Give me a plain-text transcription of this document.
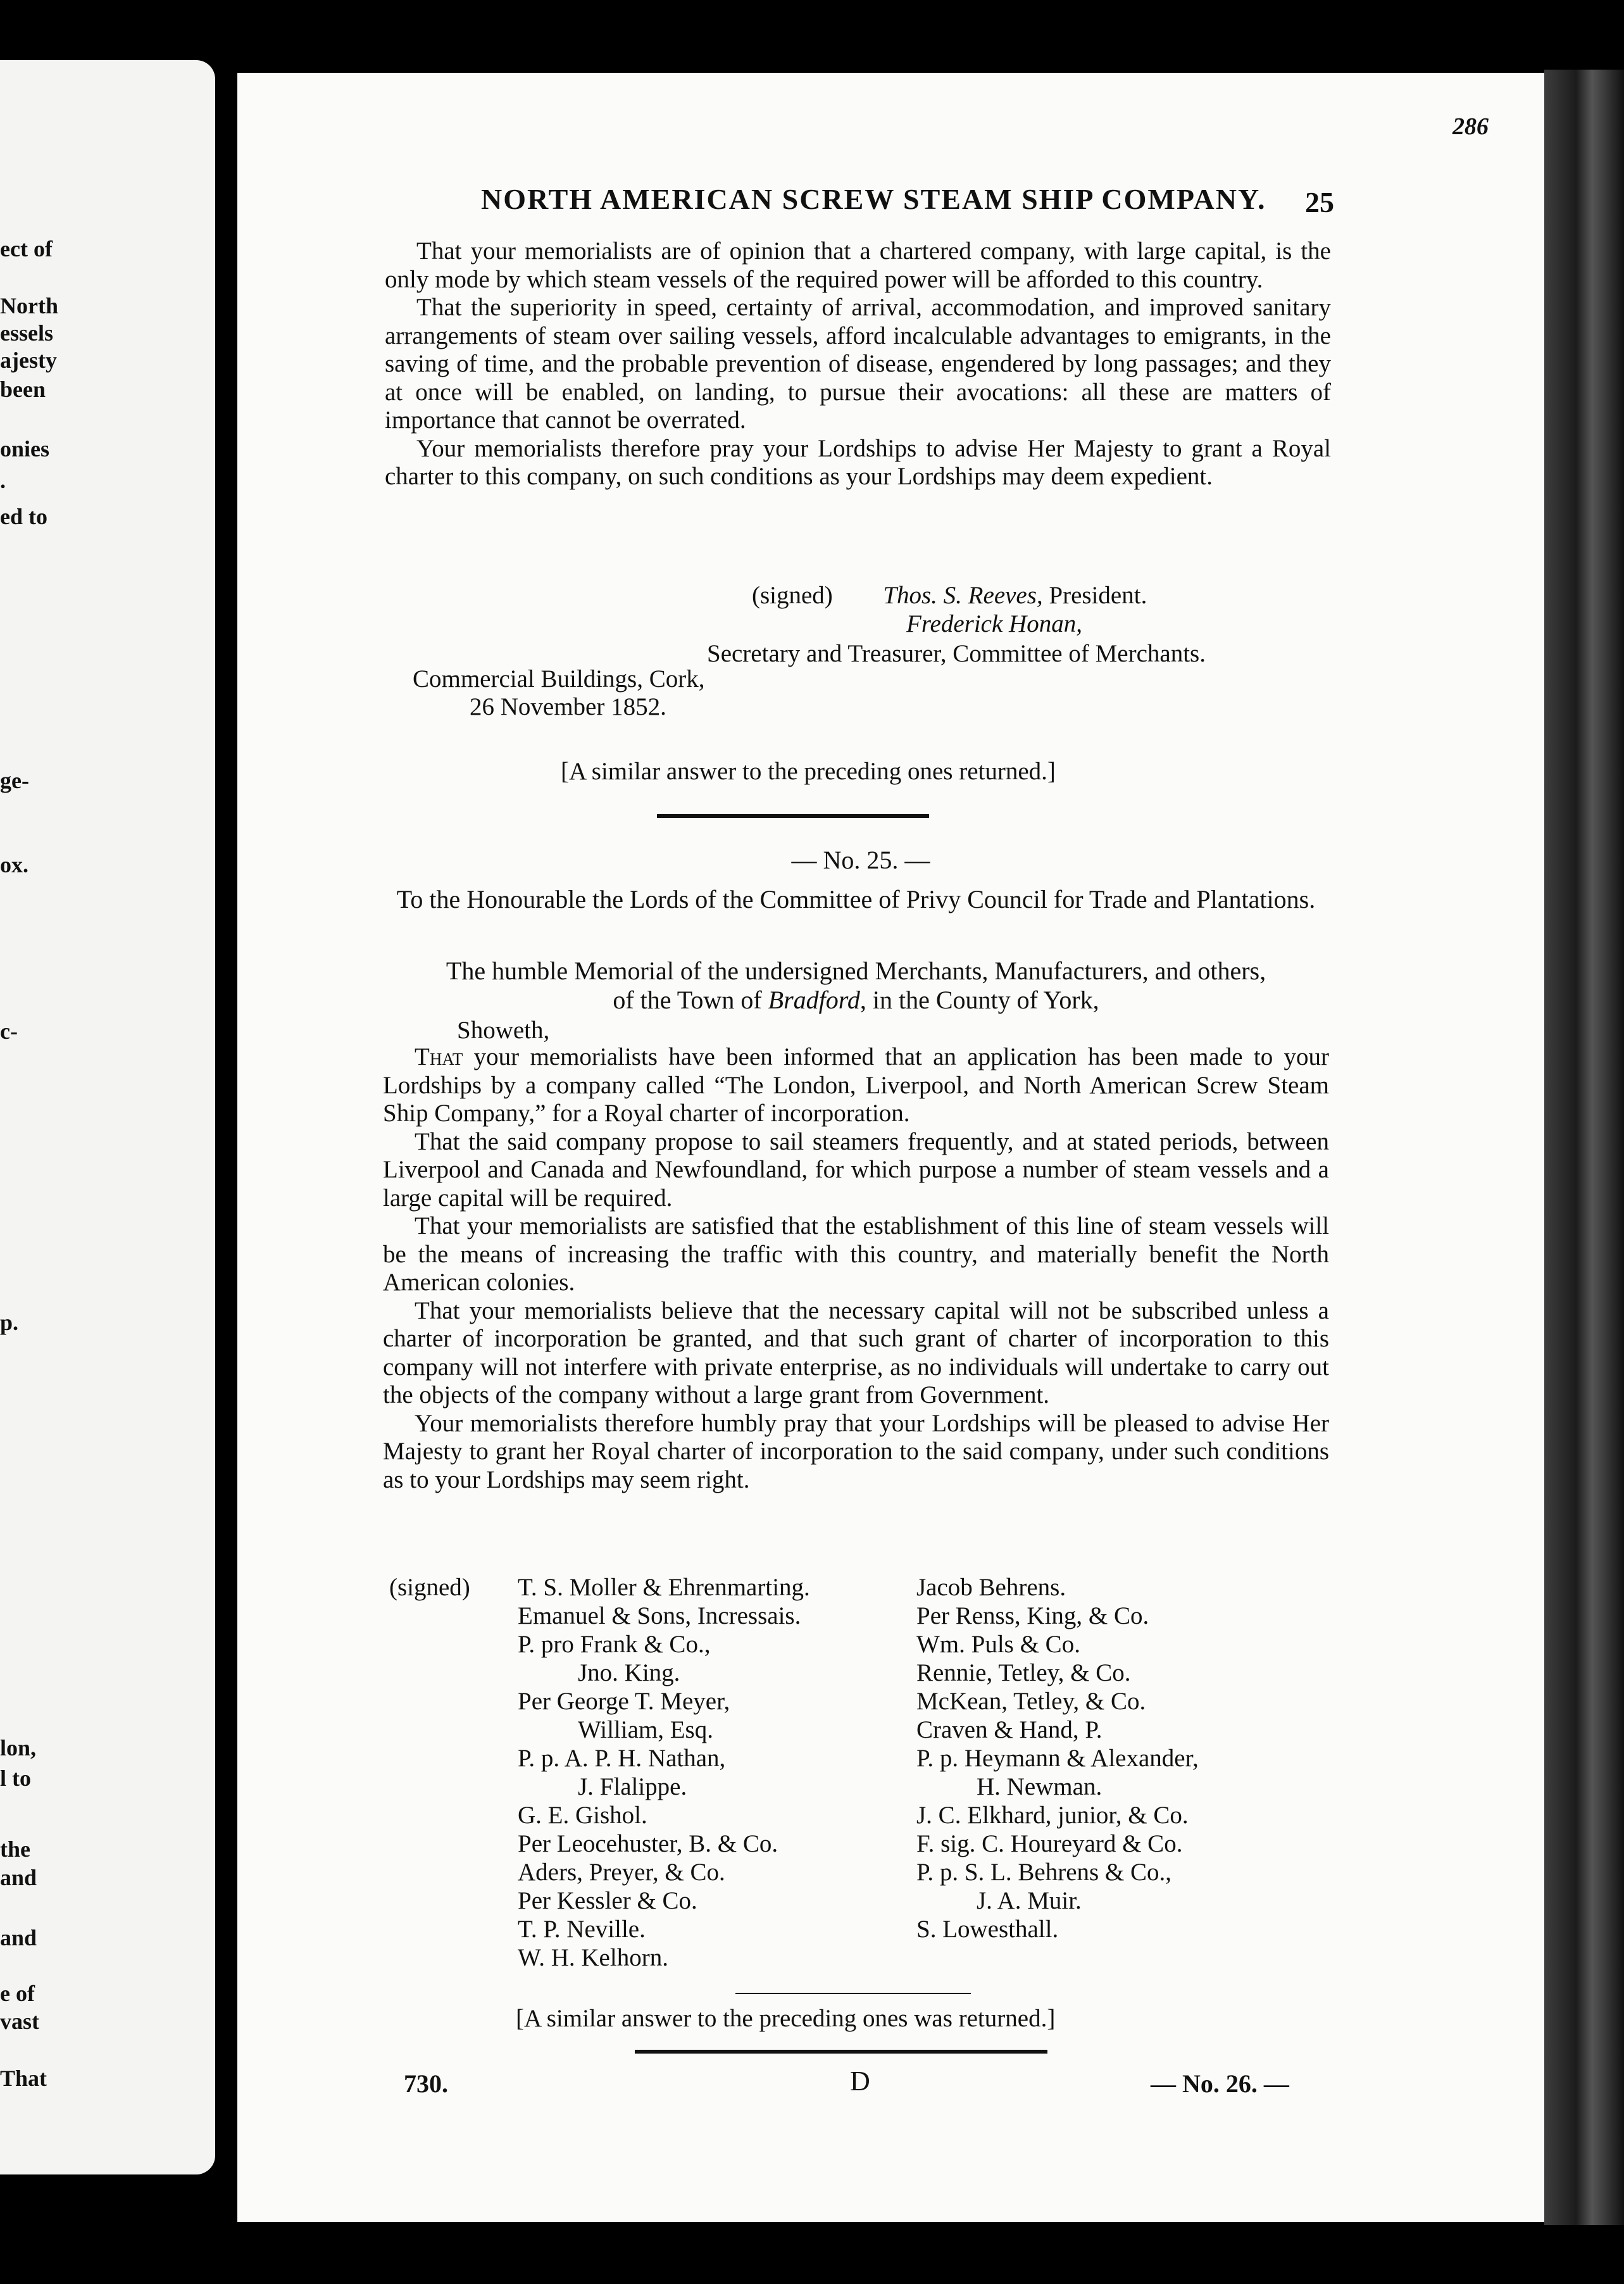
ect of
North
essels
ajesty
been
onies
.
ed to
ge-
ox.
c-
p.
lon,
l to
the
and
and
e of
vast
That
286
NORTH AMERICAN SCREW STEAM SHIP COMPANY. 25

That your memorialists are of opinion that a chartered company, with large capital, is the only mode by which steam vessels of the required power will be afforded to this country.

That the superiority in speed, certainty of arrival, accommodation, and improved sanitary arrangements of steam over sailing vessels, afford incalculable advantages to emigrants, in the saving of time, and the probable prevention of disease, engendered by long passages; and they at once will be enabled, on landing, to pursue their avocations: all these are matters of importance that cannot be overrated.

Your memorialists therefore pray your Lordships to advise Her Majesty to grant a Royal charter to this company, on such conditions as your Lordships may deem expedient.

(signed) Thos. S. Reeves, President.
Frederick Honan,
Secretary and Treasurer, Committee of Merchants.
Commercial Buildings, Cork,
26 November 1852.
[A similar answer to the preceding ones returned.]
— No. 25. —
To the Honourable the Lords of the Committee of Privy Council for Trade and Plantations.
The humble Memorial of the undersigned Merchants, Manufacturers, and others,
of the Town of Bradford, in the County of York,
Showeth,

That your memorialists have been informed that an application has been made to your Lordships by a company called “The London, Liverpool, and North American Screw Steam Ship Company,” for a Royal charter of incorporation.

That the said company propose to sail steamers frequently, and at stated periods, between Liverpool and Canada and Newfoundland, for which purpose a number of steam vessels and a large capital will be required.

That your memorialists are satisfied that the establishment of this line of steam vessels will be the means of increasing the traffic with this country, and materially benefit the North American colonies.

That your memorialists believe that the necessary capital will not be subscribed unless a charter of incorporation be granted, and that such grant of charter of incorporation to this company will not interfere with private enterprise, as no individuals will undertake to carry out the objects of the company without a large grant from Government.

Your memorialists therefore humbly pray that your Lordships will be pleased to advise Her Majesty to grant her Royal charter of incorporation to the said company, under such conditions as to your Lordships may seem right.

(signed) T. S. Moller & Ehrenmarting.
Emanuel & Sons, Incressais.
P. pro Frank & Co.,
Jno. King.
Per George T. Meyer,
William, Esq.
P. p. A. P. H. Nathan,
J. Flalippe.
G. E. Gishol.
Per Leocehuster, B. & Co.
Aders, Preyer, & Co.
Per Kessler & Co.
T. P. Neville.
W. H. Kelhorn.
Jacob Behrens.
Per Renss, King, & Co.
Wm. Puls & Co.
Rennie, Tetley, & Co.
McKean, Tetley, & Co.
Craven & Hand, P.
P. p. Heymann & Alexander,
H. Newman.
J. C. Elkhard, junior, & Co.
F. sig. C. Houreyard & Co.
P. p. S. L. Behrens & Co.,
J. A. Muir.
S. Lowesthall.
[A similar answer to the preceding ones was returned.]
730.	D	— No. 26. —
